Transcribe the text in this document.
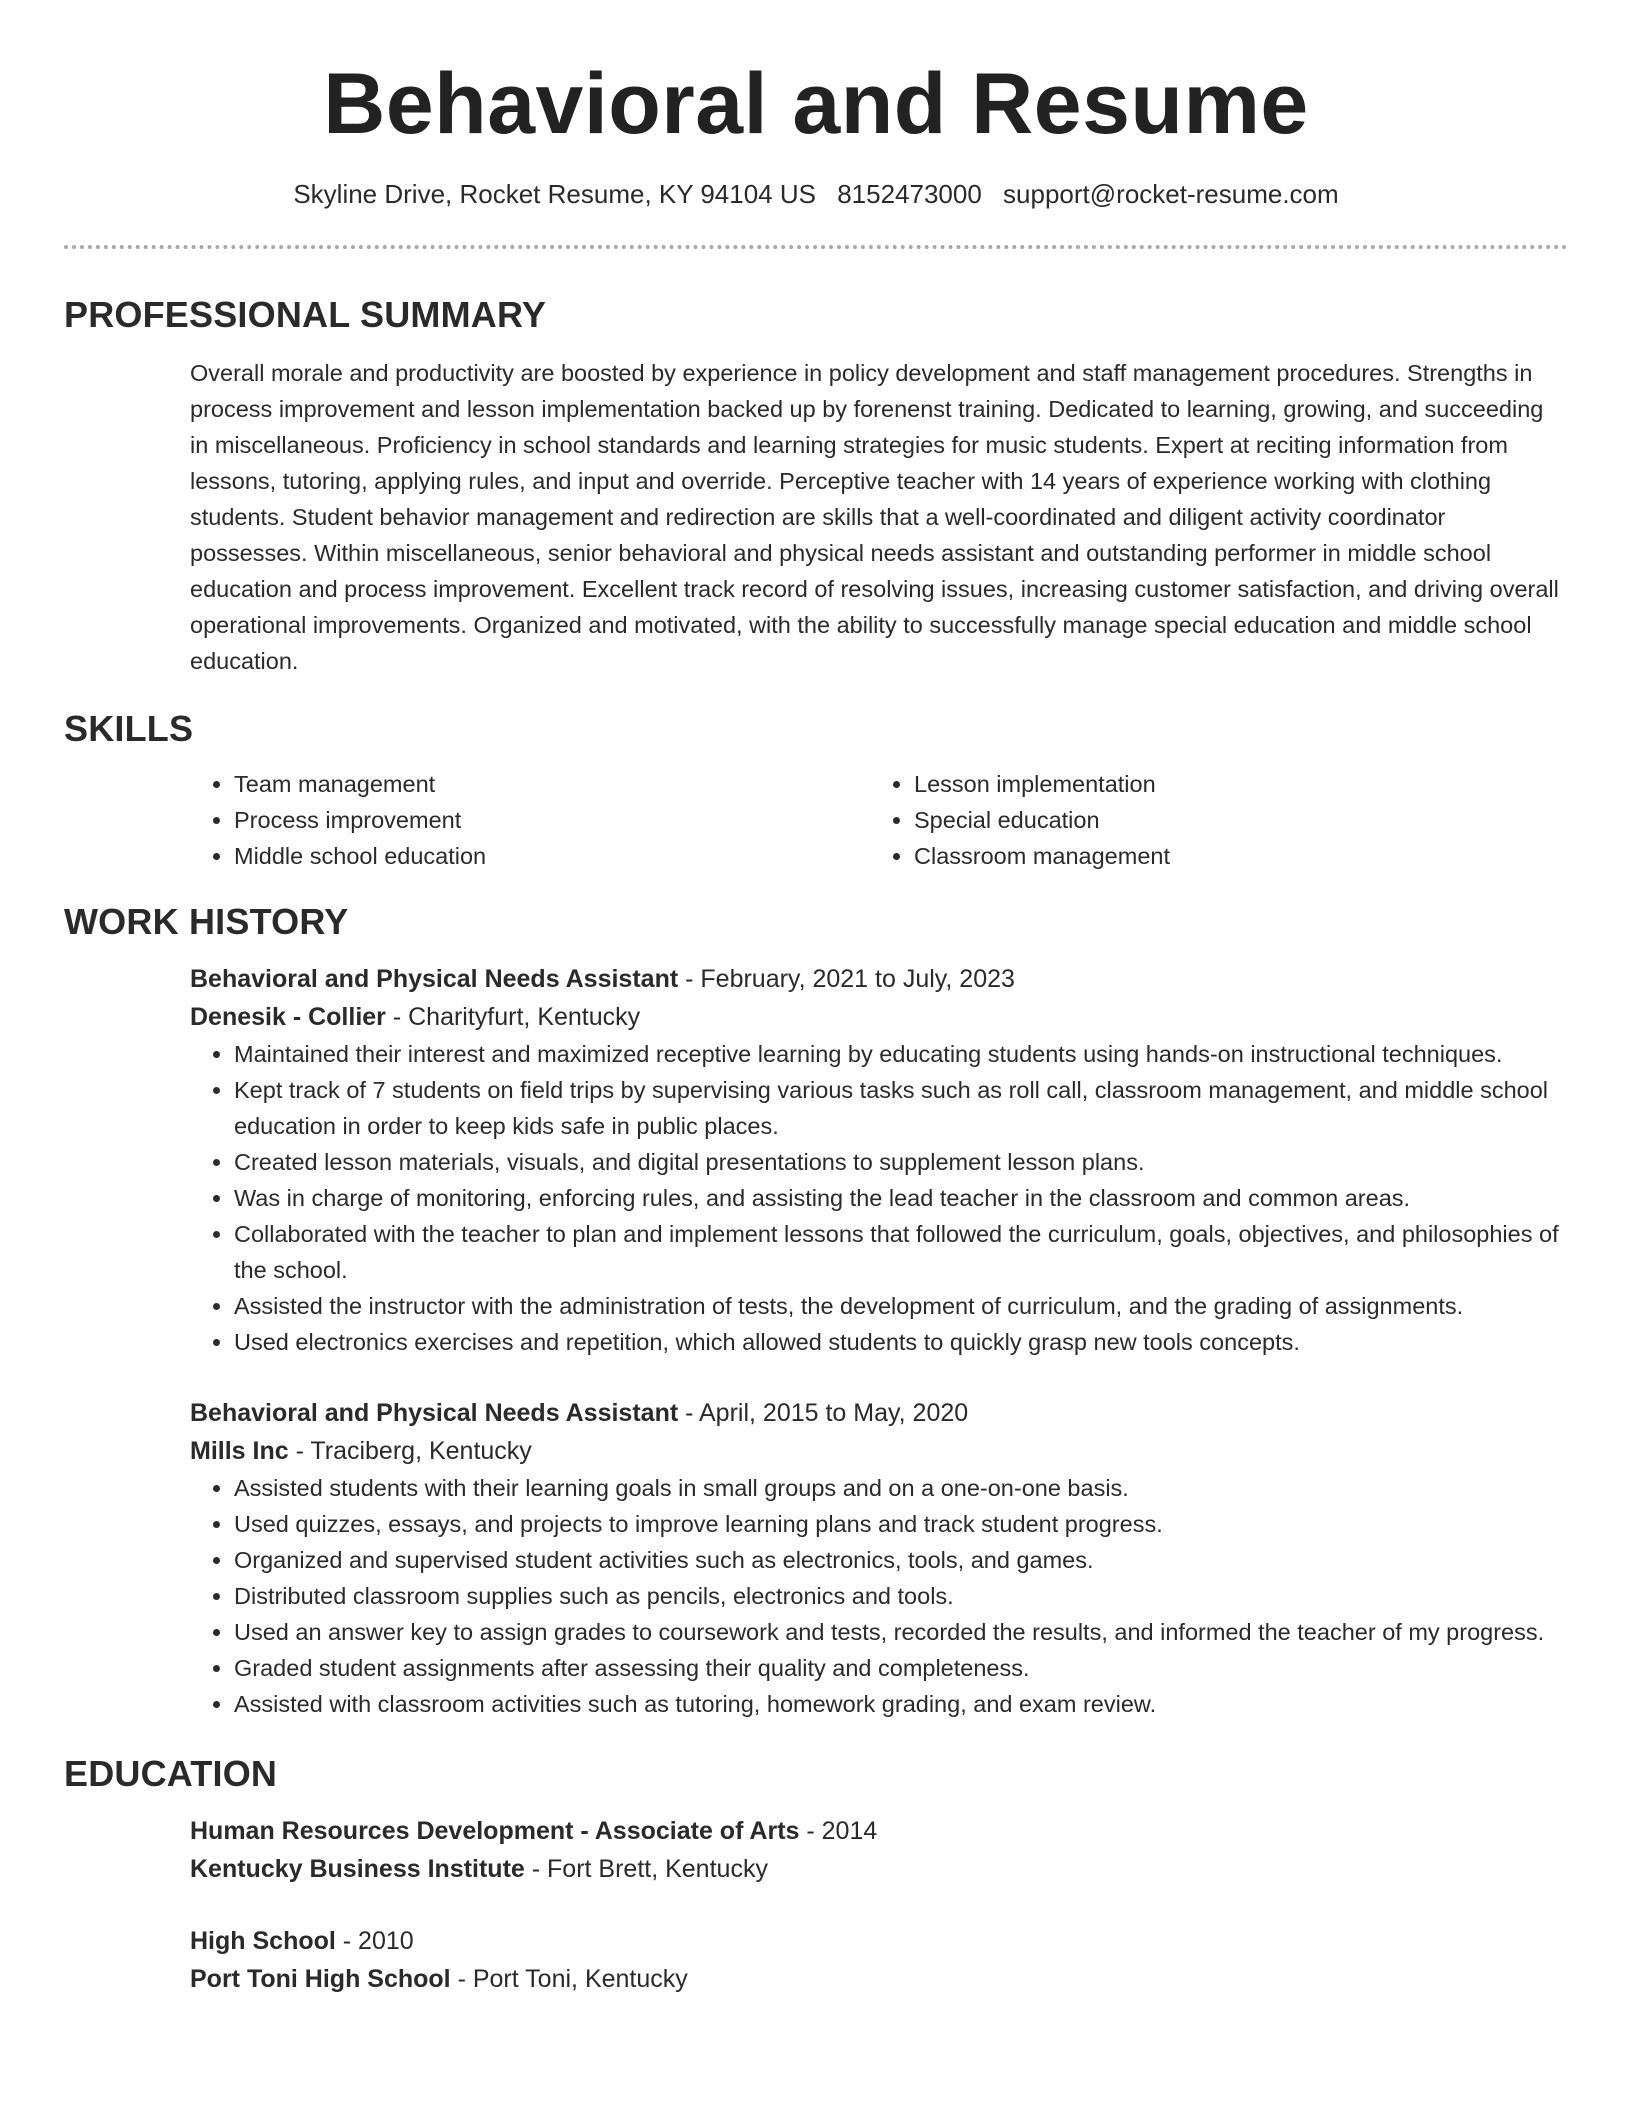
Behavioral and Resume
Skyline Drive, Rocket Resume, KY 94104 US 8152473000 support@rocket-resume.com
PROFESSIONAL SUMMARY
Overall morale and productivity are boosted by experience in policy development and staff management procedures. Strengths in process improvement and lesson implementation backed up by forenenst training. Dedicated to learning, growing, and succeeding in miscellaneous. Proficiency in school standards and learning strategies for music students. Expert at reciting information from lessons, tutoring, applying rules, and input and override. Perceptive teacher with 14 years of experience working with clothing students. Student behavior management and redirection are skills that a well-coordinated and diligent activity coordinator possesses. Within miscellaneous, senior behavioral and physical needs assistant and outstanding performer in middle school education and process improvement. Excellent track record of resolving issues, increasing customer satisfaction, and driving overall operational improvements. Organized and motivated, with the ability to successfully manage special education and middle school education.
SKILLS
• Team management
• Process improvement
• Middle school education
• Lesson implementation
• Special education
• Classroom management
WORK HISTORY
Behavioral and Physical Needs Assistant - February, 2021 to July, 2023
Denesik - Collier - Charityfurt, Kentucky
• Maintained their interest and maximized receptive learning by educating students using hands-on instructional techniques.
• Kept track of 7 students on field trips by supervising various tasks such as roll call, classroom management, and middle school education in order to keep kids safe in public places.
• Created lesson materials, visuals, and digital presentations to supplement lesson plans.
• Was in charge of monitoring, enforcing rules, and assisting the lead teacher in the classroom and common areas.
• Collaborated with the teacher to plan and implement lessons that followed the curriculum, goals, objectives, and philosophies of the school.
• Assisted the instructor with the administration of tests, the development of curriculum, and the grading of assignments.
• Used electronics exercises and repetition, which allowed students to quickly grasp new tools concepts.
Behavioral and Physical Needs Assistant - April, 2015 to May, 2020
Mills Inc - Traciberg, Kentucky
• Assisted students with their learning goals in small groups and on a one-on-one basis.
• Used quizzes, essays, and projects to improve learning plans and track student progress.
• Organized and supervised student activities such as electronics, tools, and games.
• Distributed classroom supplies such as pencils, electronics and tools.
• Used an answer key to assign grades to coursework and tests, recorded the results, and informed the teacher of my progress.
• Graded student assignments after assessing their quality and completeness.
• Assisted with classroom activities such as tutoring, homework grading, and exam review.
EDUCATION
Human Resources Development - Associate of Arts - 2014
Kentucky Business Institute - Fort Brett, Kentucky
High School - 2010
Port Toni High School - Port Toni, Kentucky
